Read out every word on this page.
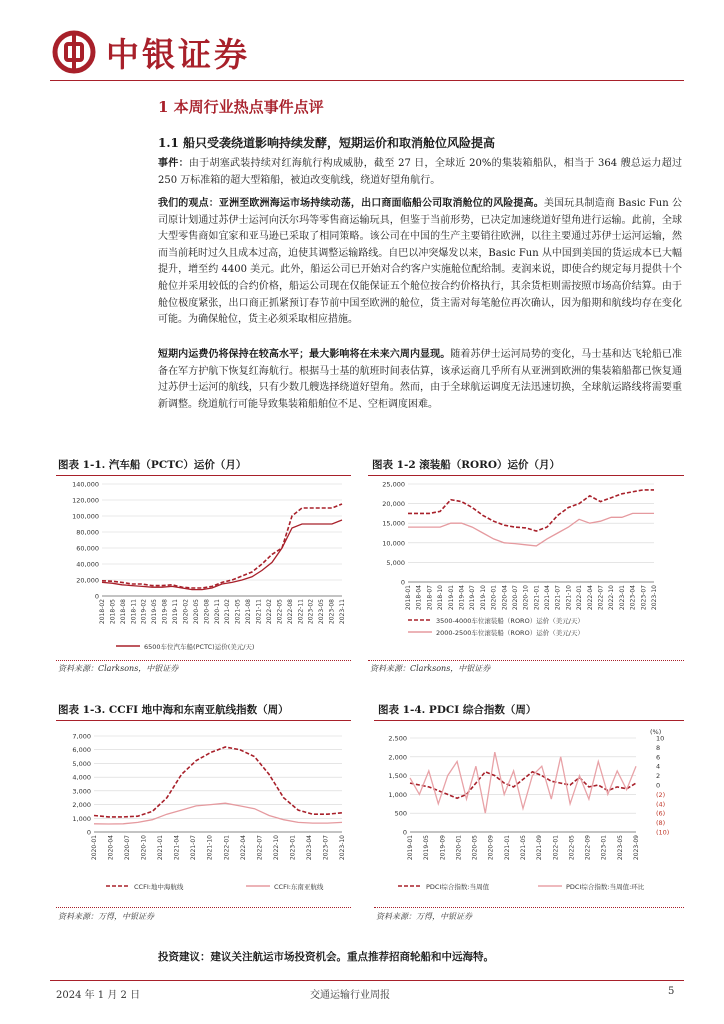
中银证券
1 本周行业热点事件点评
1.1 船只受袭绕道影响持续发酵，短期运价和取消舱位风险提高
事件：由于胡塞武装持续对红海航行构成威胁，截至 27 日，全球近 20%的集装箱船队，相当于 364 艘总运力超过 250 万标准箱的超大型箱船，被迫改变航线，绕道好望角航行。
我们的观点：亚洲至欧洲海运市场持续动荡，出口商面临船公司取消舱位的风险提高。美国玩具制造商 Basic Fun 公司原计划通过苏伊士运河向沃尔玛等零售商运输玩具，但鉴于当前形势，已决定加速绕道好望角进行运输。此前，全球大型零售商如宜家和亚马逊已采取了相同策略。该公司在中国的生产主要销往欧洲，以往主要通过苏伊士运河运输，然而当前耗时过久且成本过高，迫使其调整运输路线。自巴以冲突爆发以来，Basic Fun 从中国到美国的货运成本已大幅提升，增至约 4400 美元。此外，船运公司已开始对合约客户实施舱位配给制。麦润来说，即使合约规定每月提供十个舱位并采用较低的合约价格，船运公司现在仅能保证五个舱位按合约价格执行，其余货柜则需按照市场高价结算。由于舱位极度紧张，出口商正抓紧预订春节前中国至欧洲的舱位，货主需对每笔舱位再次确认，因为船期和航线均存在变化可能。为确保舱位，货主必须采取相应措施。
短期内运费仍将保持在较高水平；最大影响将在未来六周内显现。随着苏伊士运河局势的变化，马士基和达飞轮船已准备在军方护航下恢复红海航行。根据马士基的航班时间表估算，该承运商几乎所有从亚洲到欧洲的集装箱船都已恢复通过苏伊士运河的航线，只有少数几艘选择绕道好望角。然而，由于全球航运调度无法迅速切换，全球航运路线将需要重新调整。绕道航行可能导致集装箱船舶位不足、空柜调度困难。
图表 1-1. 汽车船（PCTC）运价（月）	图表 1-2 滚装船（RORO）运价（月）
0
20,000
40,000
60,000
80,000
100,000
120,000
140,000
2018-02 2018-05 2018-08 2018-11 2019-02 2019-05 2019-08 2019-11 2020-02 2020-05 2020-08 2020-11 2021-02 2021-05 2021-08 2021-11 2022-02 2022-05 2022-08 2022-11 2023-02 2023-05 2023-08 2023-11
6500车位汽车船(PCTC)运价(美元/天)
0
5,000
10,000
15,000
20,000
25,000
2018-01 2018-04 2018-07 2018-10 2019-01 2019-04 2019-07 2019-10 2020-01 2020-04 2020-07 2020-10 2021-01 2021-04 2021-07 2021-10 2022-01 2022-04 2022-07 2022-10 2023-01 2023-04 2023-07 2023-10
3500-4000车位滚装船（RORO）运价（美元/天）
2000-2500车位滚装船（RORO）运价（美元/天）
资料来源：Clarksons，中银证券	资料来源：Clarksons，中银证券
图表 1-3. CCFI 地中海和东南亚航线指数（周）	图表 1-4. PDCI 综合指数（周）
0
1,000
2,000
3,000
4,000
5,000
6,000
7,000
2020-01 2020-04 2020-07 2020-10 2021-01 2021-04 2021-07 2021-10 2022-01 2022-04 2022-07 2022-10 2023-01 2023-04 2023-07 2023-10
CCFI:地中海航线	CCFI:东南亚航线
0
500
1,000
1,500
2,000
2,500
2019-01 2019-05 2019-09 2020-01 2020-05 2020-09 2021-01 2021-05 2021-09 2022-01 2022-05 2022-09 2023-01 2023-05 2023-09
10
8
6
4
2
0
(2)
(4)
(6)
(8)
(10)
(%)
PDCI综合指数:当周值	PDCI综合指数:当周值:环比
资料来源：万得，中银证券	资料来源：万得，中银证券
投资建议：建议关注航运市场投资机会。重点推荐招商轮船和中远海特。
2024 年 1 月 2 日	交通运输行业周报	5
